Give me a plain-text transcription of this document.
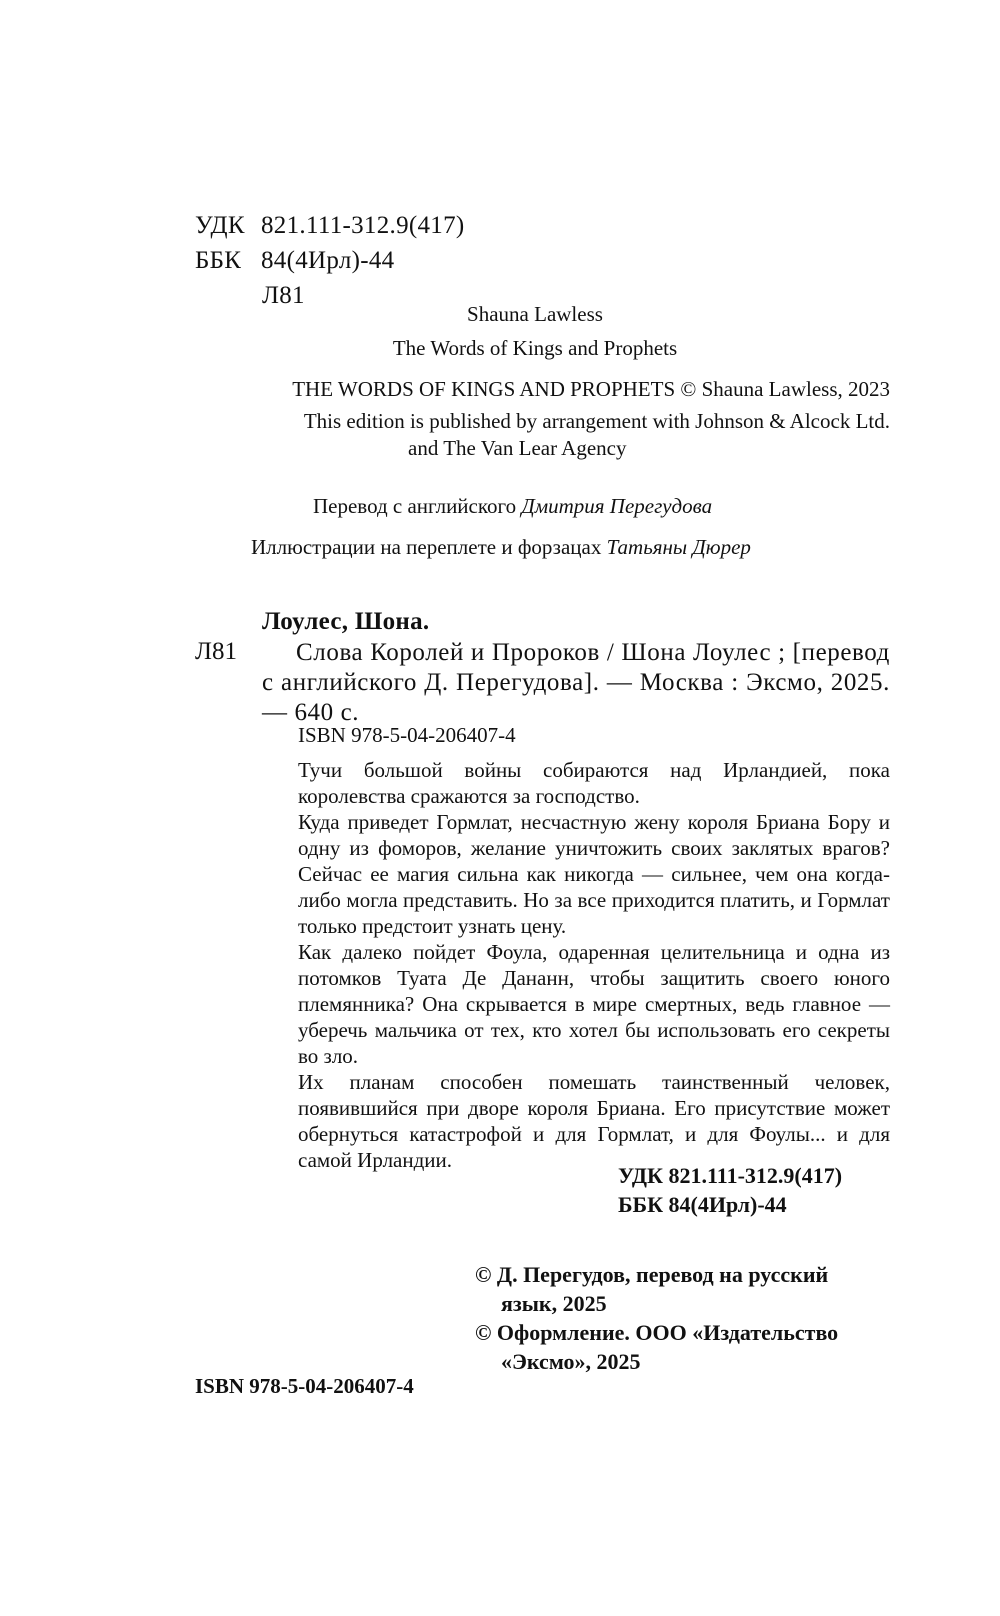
УДК 821.111-312.9(417)
ББК 84(4Ирл)-44
Л81
Shauna Lawless
The Words of Kings and Prophets
THE WORDS OF KINGS AND PROPHETS © Shauna Lawless, 2023
This edition is published by arrangement with Johnson & Alcock Ltd.
and The Van Lear Agency
Перевод с английского Дмитрия Перегудова
Иллюстрации на переплете и форзацах Татьяны Дюрер
Лоулес, Шона.
Л81	Слова Королей и Пророков / Шона Лоулес ; [перевод с английского Д. Перегудова]. — Москва : Эксмо, 2025. — 640 с.
ISBN 978-5-04-206407-4

Тучи большой войны собираются над Ирландией, пока королевства сражаются за господство.

Куда приведет Гормлат, несчастную жену короля Бриана Бору и одну из фоморов, желание уничтожить своих заклятых врагов? Сейчас ее магия сильна как никогда — сильнее, чем она когда-либо могла представить. Но за все приходится платить, и Гормлат только предстоит узнать цену.

Как далеко пойдет Фоула, одаренная целительница и одна из потомков Туата Де Дананн, чтобы защитить своего юного племянника? Она скрывается в мире смертных, ведь главное — уберечь мальчика от тех, кто хотел бы использовать его секреты во зло.

Их планам способен помешать таинственный человек, появившийся при дворе короля Бриана. Его присутствие может обернуться катастрофой и для Гормлат, и для Фоулы... и для самой Ирландии.

УДК 821.111-312.9(417)
ББК 84(4Ирл)-44
© Д. Перегудов, перевод на русский
язык, 2025
© Оформление. ООО «Издательство
«Эксмо», 2025
ISBN 978-5-04-206407-4
